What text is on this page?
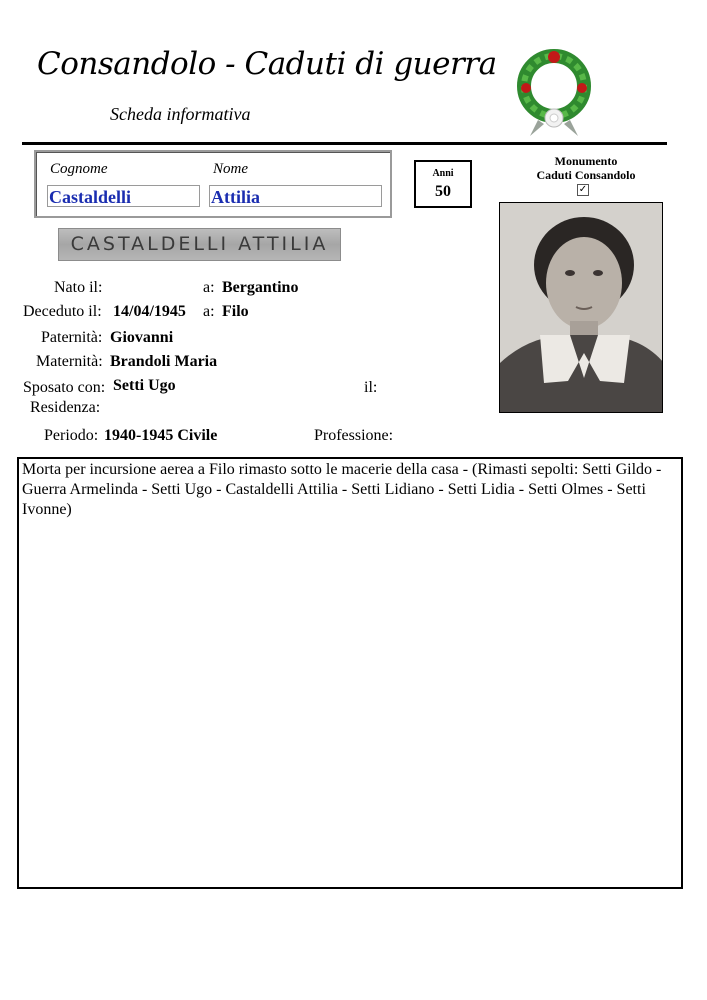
Consandolo - Caduti di guerra
Scheda informativa
Cognome	Nome
Castaldelli	Attilia
Anni
50
Monumento
Caduti Consandolo
✓
CASTALDELLI ATTILIA
Nato il:	a: Bergantino
Deceduto il: 14/04/1945 a: Filo
Paternità: Giovanni
Maternità: Brandoli Maria
Sposato con: Setti Ugo	il:
Residenza:
Periodo: 1940-1945 Civile	Professione:
Morta per incursione aerea a Filo rimasto sotto le macerie della casa - (Rimasti sepolti: Setti Gildo - Guerra Armelinda - Setti Ugo - Castaldelli Attilia - Setti Lidiano - Setti Lidia - Setti Olmes - Setti Ivonne)
